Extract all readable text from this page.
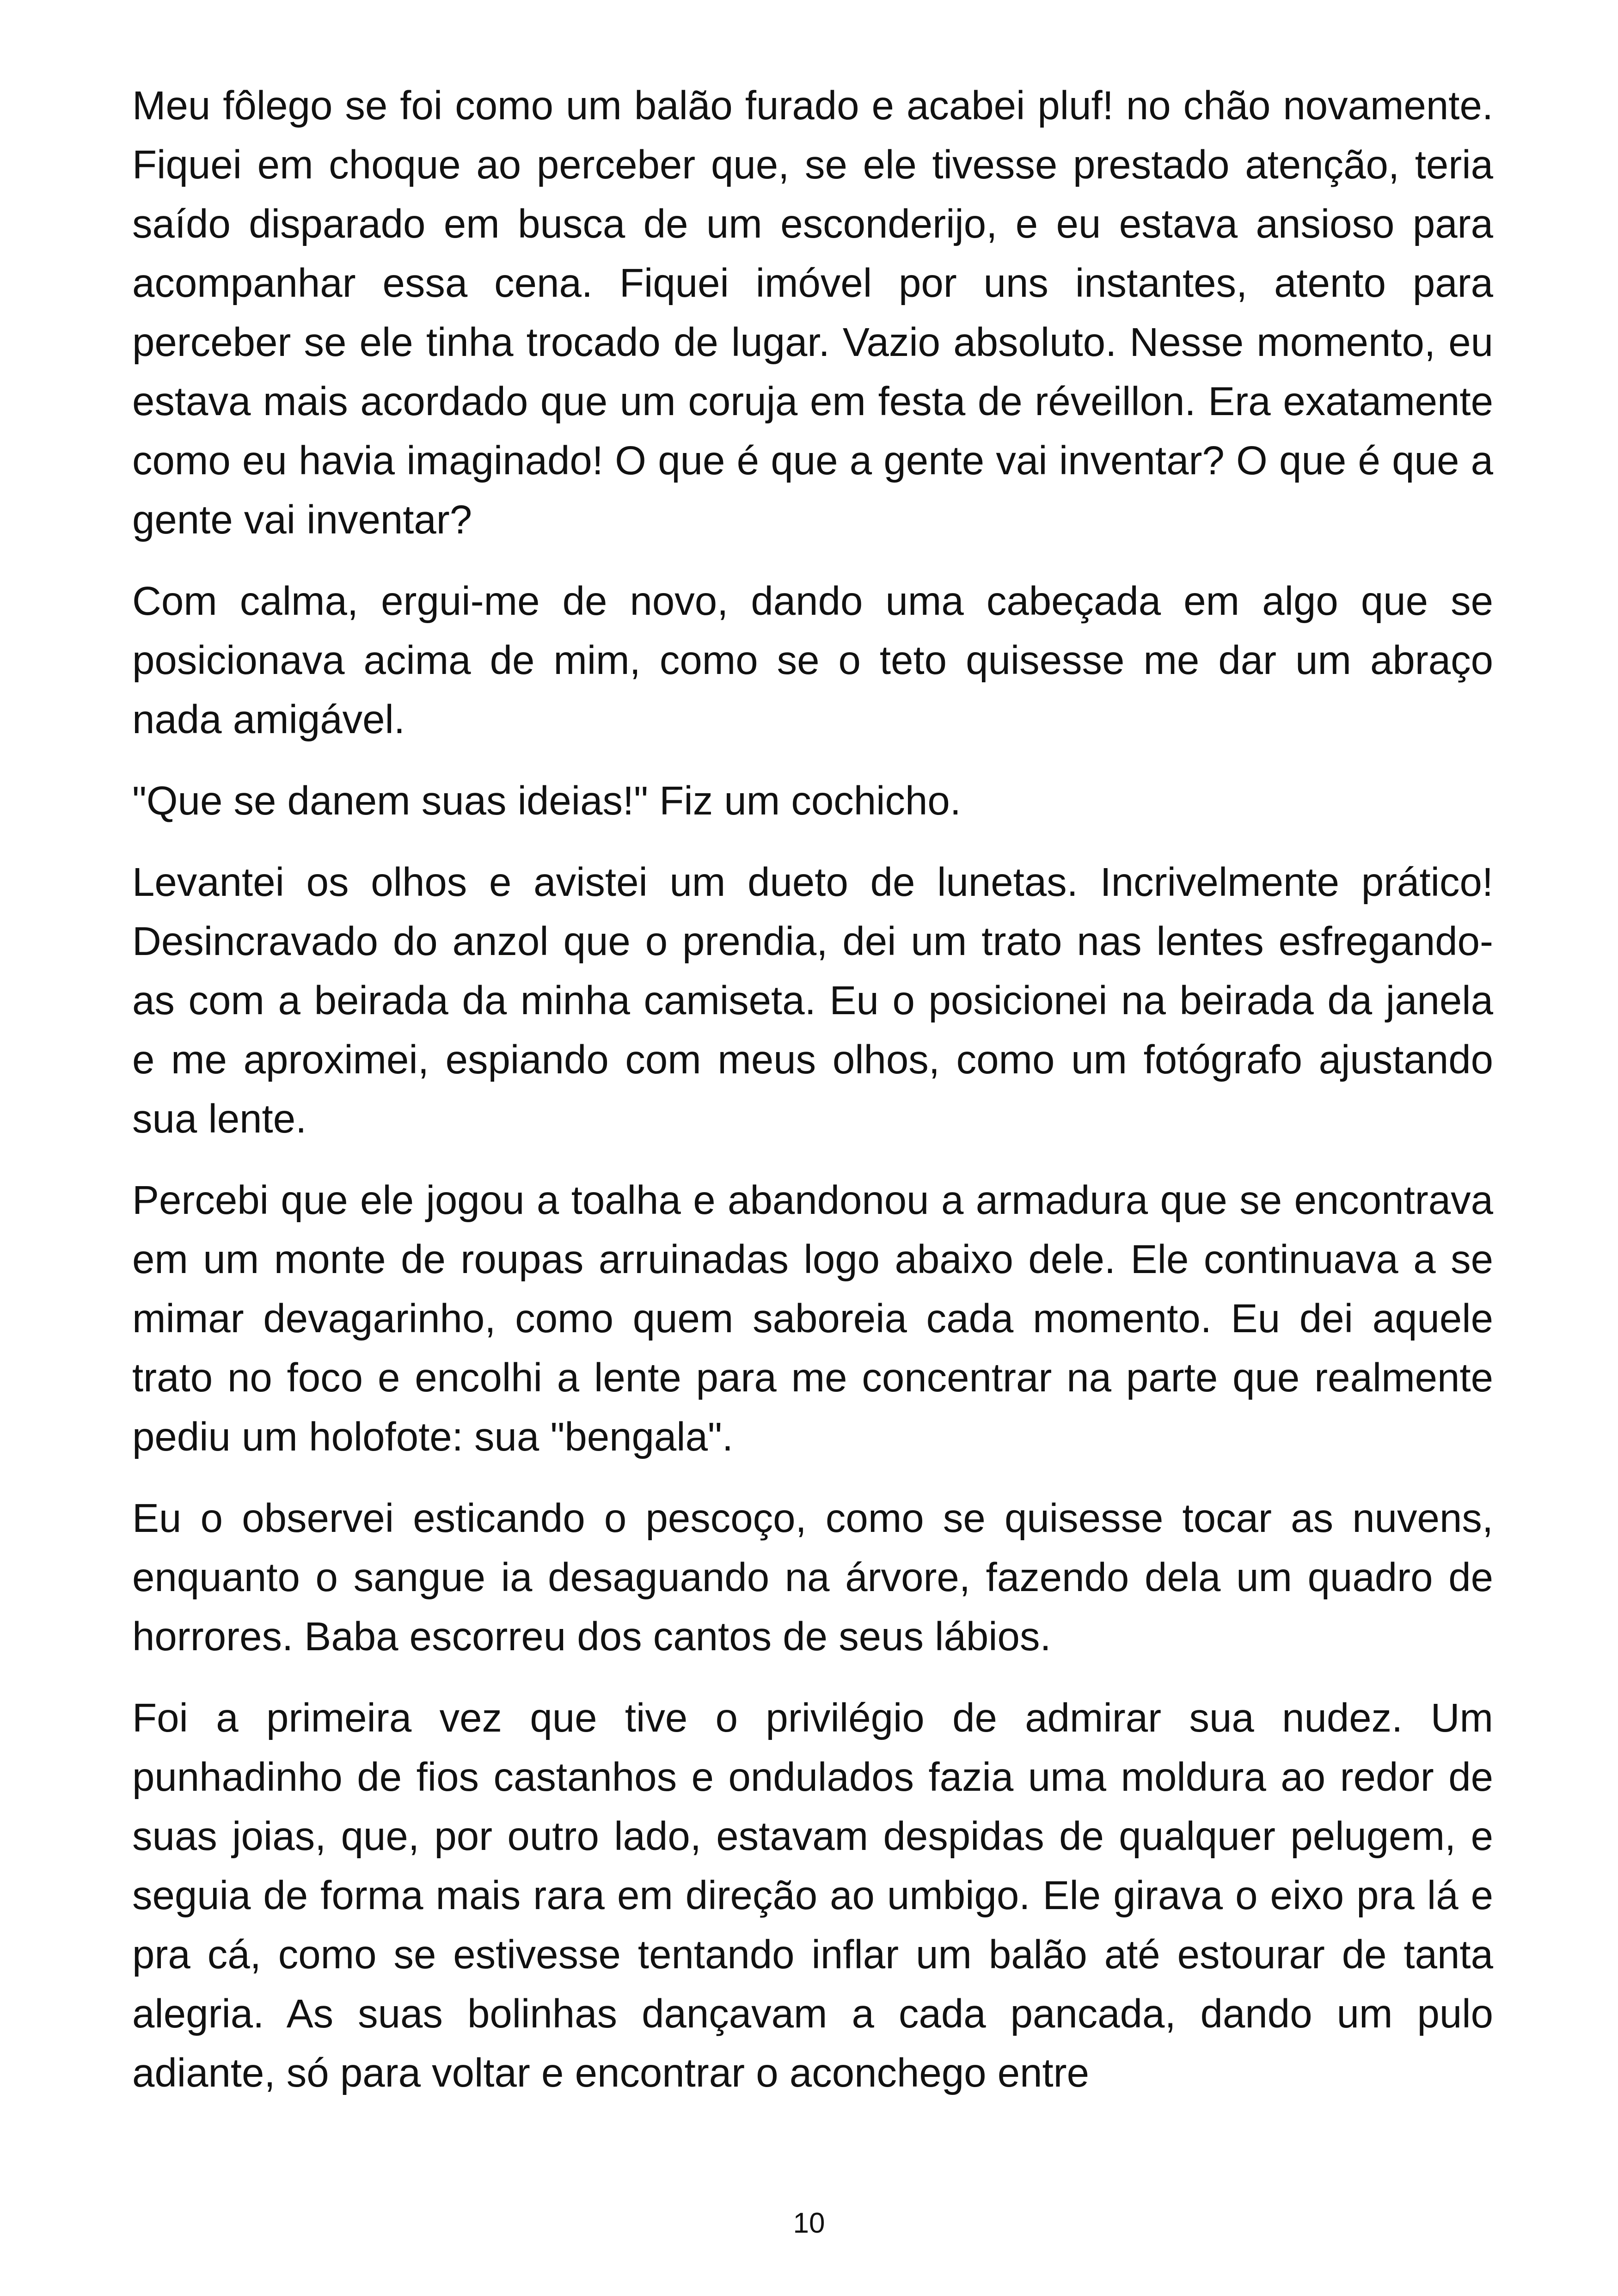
Meu fôlego se foi como um balão furado e acabei pluf! no chão novamente. Fiquei em choque ao perceber que, se ele tivesse prestado atenção, teria saído disparado em busca de um esconderijo, e eu estava ansioso para acompanhar essa cena. Fiquei imóvel por uns instantes, atento para perceber se ele tinha trocado de lugar. Vazio absoluto. Nesse momento, eu estava mais acordado que um coruja em festa de réveillon. Era exatamente como eu havia imaginado! O que é que a gente vai inventar? O que é que a gente vai inventar?

Com calma, ergui-me de novo, dando uma cabeçada em algo que se posicionava acima de mim, como se o teto quisesse me dar um abraço nada amigável.

"Que se danem suas ideias!" Fiz um cochicho.

Levantei os olhos e avistei um dueto de lunetas. Incrivelmente prático! Desincravado do anzol que o prendia, dei um trato nas lentes esfregando-as com a beirada da minha camiseta. Eu o posicionei na beirada da janela e me aproximei, espiando com meus olhos, como um fotógrafo ajustando sua lente.

Percebi que ele jogou a toalha e abandonou a armadura que se encontrava em um monte de roupas arruinadas logo abaixo dele. Ele continuava a se mimar devagarinho, como quem saboreia cada momento. Eu dei aquele trato no foco e encolhi a lente para me concentrar na parte que realmente pediu um holofote: sua "bengala".

Eu o observei esticando o pescoço, como se quisesse tocar as nuvens, enquanto o sangue ia desaguando na árvore, fazendo dela um quadro de horrores. Baba escorreu dos cantos de seus lábios.

Foi a primeira vez que tive o privilégio de admirar sua nudez. Um punhadinho de fios castanhos e ondulados fazia uma moldura ao redor de suas joias, que, por outro lado, estavam despidas de qualquer pelugem, e seguia de forma mais rara em direção ao umbigo. Ele girava o eixo pra lá e pra cá, como se estivesse tentando inflar um balão até estourar de tanta alegria. As suas bolinhas dançavam a cada pancada, dando um pulo adiante, só para voltar e encontrar o aconchego entre

10
